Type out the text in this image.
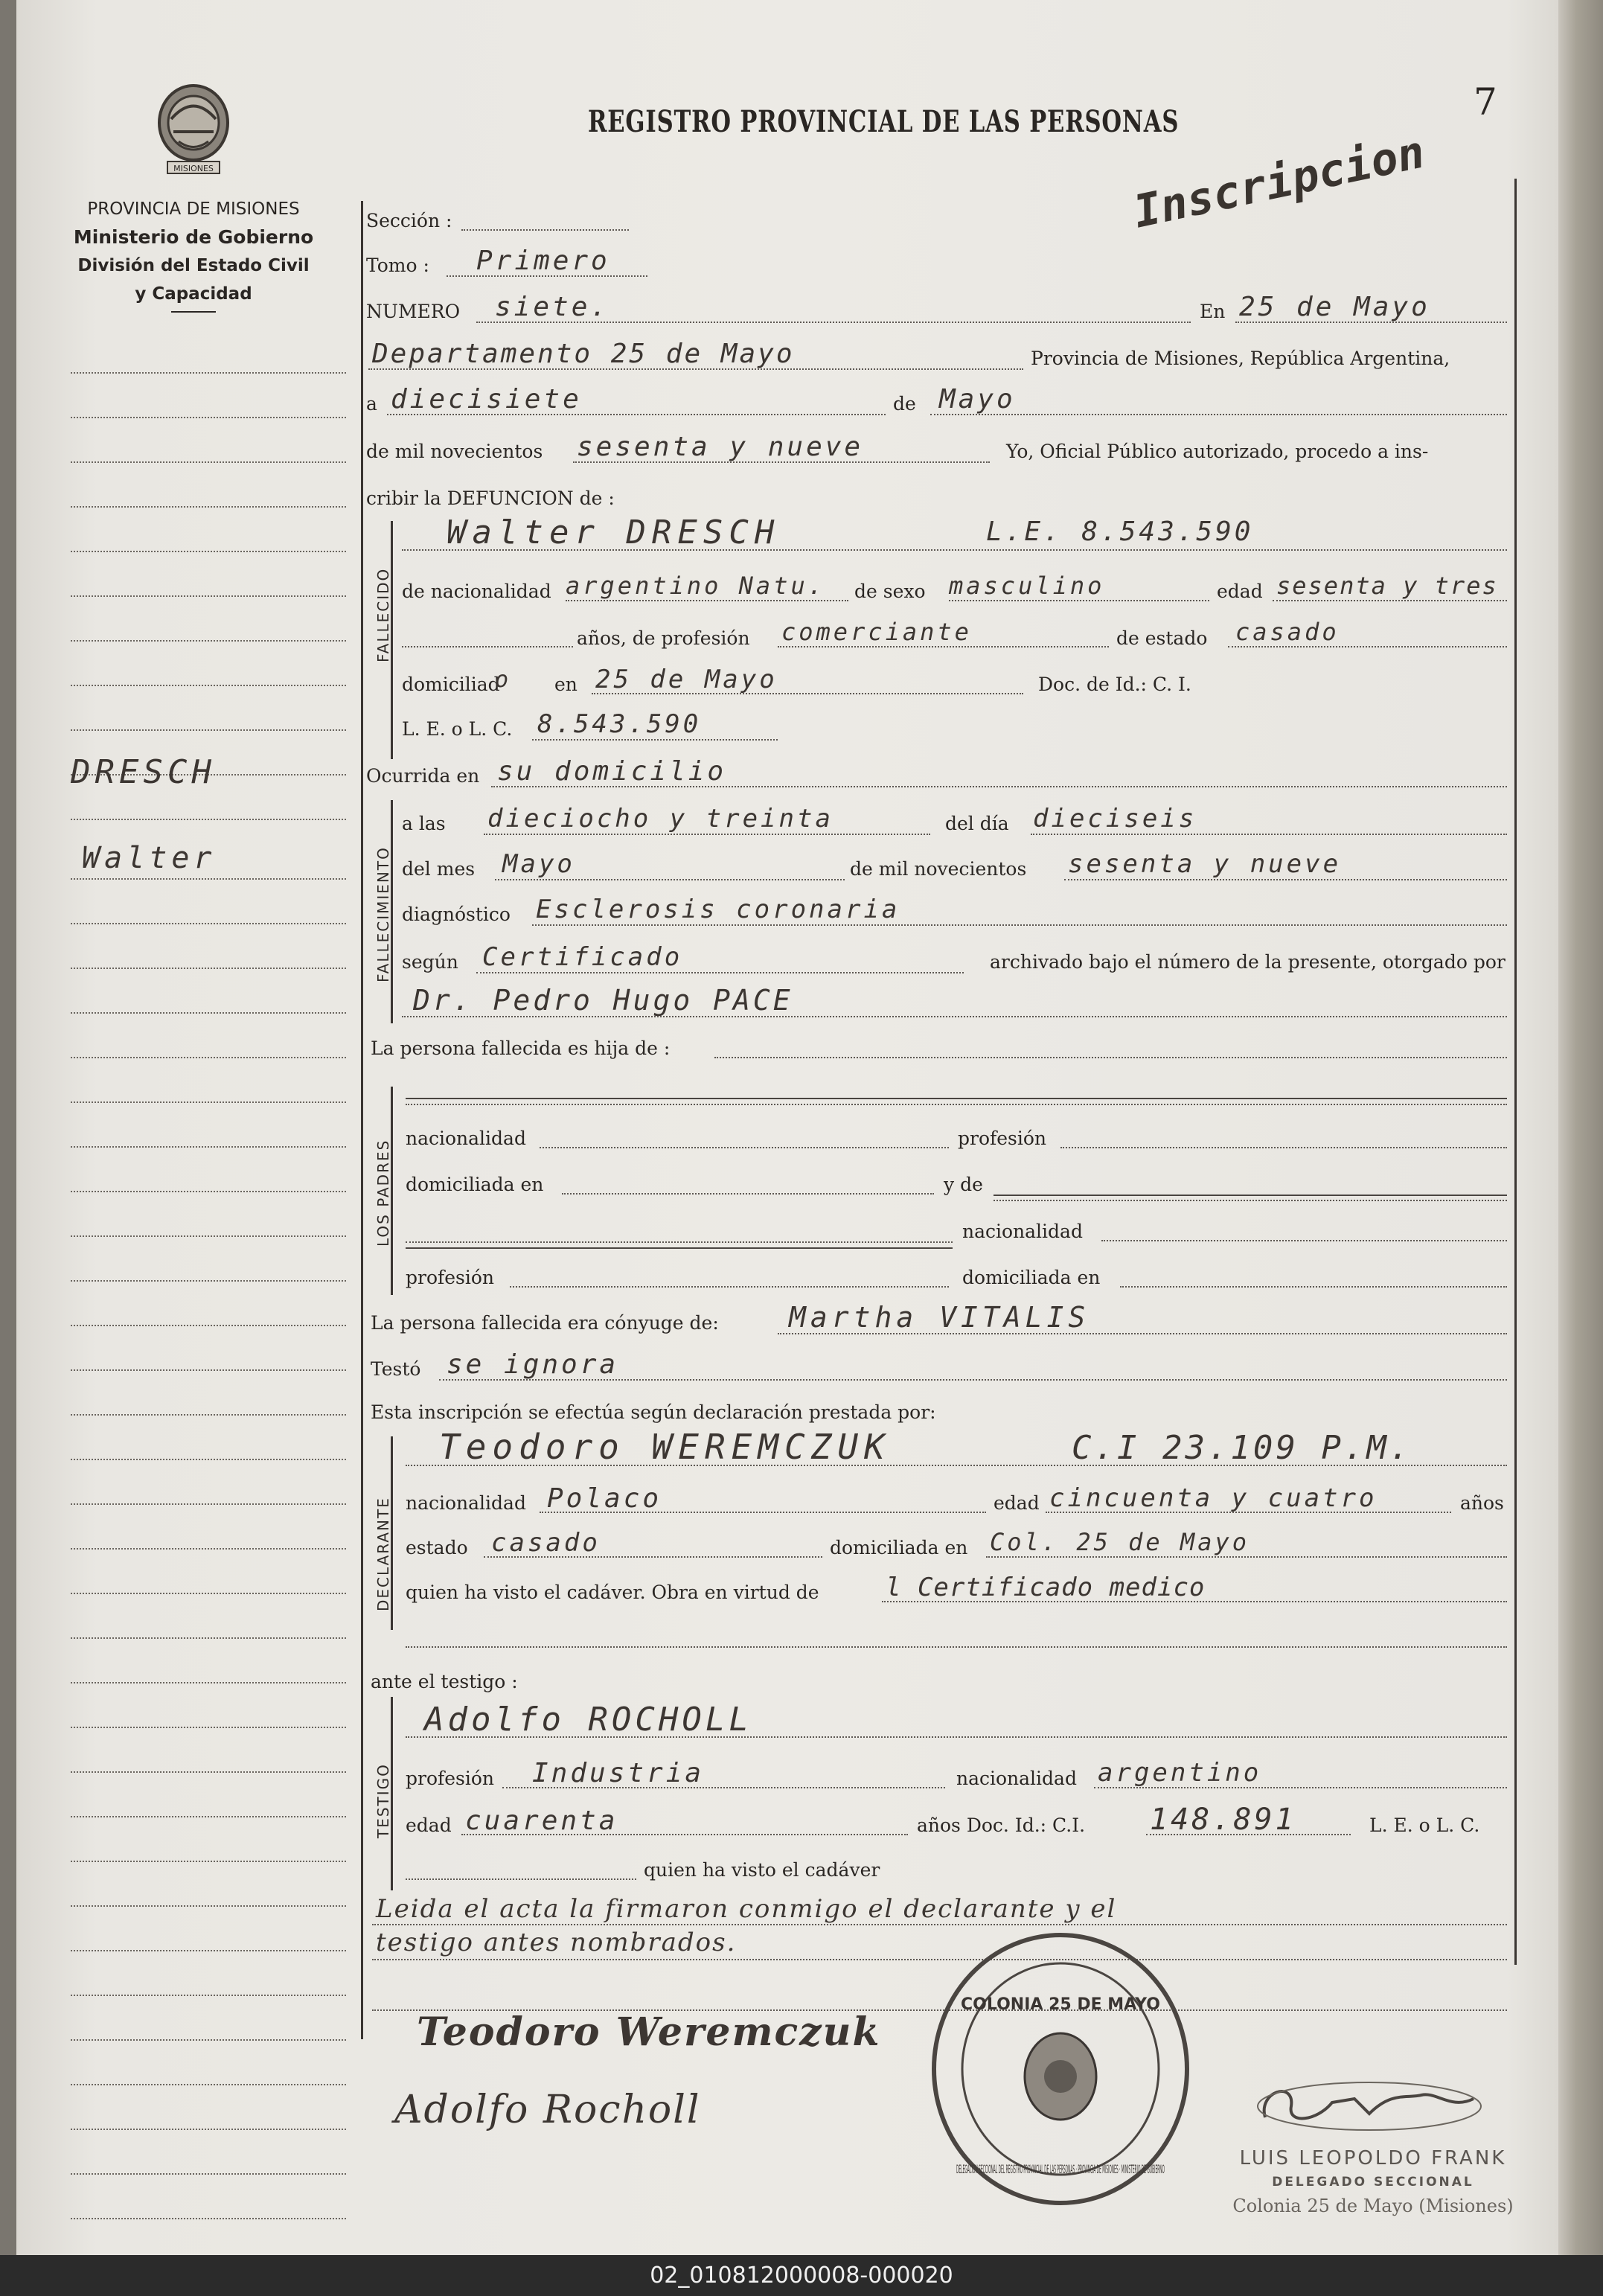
MISIONES
PROVINCIA DE MISIONES
Ministerio de Gobierno
División del Estado Civil
y Capacidad
REGISTRO PROVINCIAL DE LAS PERSONAS	7
Inscripcion
DRESCH
Walter
Sección :
Tomo : Primero
NUMERO siete.	En 25 de Mayo
Departamento 25 de Mayo	Provincia de Misiones, República Argentina,
a diecisiete	de Mayo
de mil novecientos sesenta y nueve	Yo, Oficial Público autorizado, procedo a ins-
cribir la DEFUNCION de :
FALLECIDO
Walter DRESCH	L.E. 8.543.590
de nacionalidad argentino Natu. de sexo masculino	edad sesenta y tres
años, de profesión comerciante	de estado casado
domiciliad
o en 25 de Mayo	Doc. de Id.: C. I.
L. E. o L. C. 8.543.590
Ocurrida en su domicilio
FALLECIMIENTO
a las dieciocho y treinta	del día dieciseis
del mes Mayo	de mil novecientos sesenta y nueve
diagnóstico Esclerosis coronaria
según Certificado	archivado bajo el número de la presente, otorgado por
Dr. Pedro Hugo PACE
La persona fallecida es hija de :
LOS PADRES
nacionalidad	profesión
domiciliada en	y de
nacionalidad
profesión	domiciliada en
La persona fallecida era cónyuge de: Martha VITALIS
Testó se ignora
Esta inscripción se efectúa según declaración prestada por:
DECLARANTE
Teodoro WEREMCZUK	C.I 23.109 P.M.
nacionalidad Polaco	edad cincuenta y cuatro	años
estado casado	domiciliada en Col. 25 de Mayo
quien ha visto el cadáver. Obra en virtud de	l Certificado medico
ante el testigo :
TESTIGO
Adolfo ROCHOLL
profesión Industria	nacionalidad argentino
edad cuarenta	años Doc. Id.: C.I. 148.891	L. E. o L. C.
quien ha visto el cadáver
Leida el acta la firmaron conmigo el declarante y el
testigo antes nombrados.
Teodoro Weremczuk
Adolfo Rocholl
COLONIA 25 DE MAYO
DELEGACION SECCIONAL DEL REGISTRO PROVINCIAL DE LAS PERSONAS · PROVINCIA DE MISIONES · MINISTERIO DE GOBIERNO	LUIS LEOPOLDO FRANK
DELEGADO SECCIONAL
Colonia 25 de Mayo (Misiones)
02_010812000008-000020
